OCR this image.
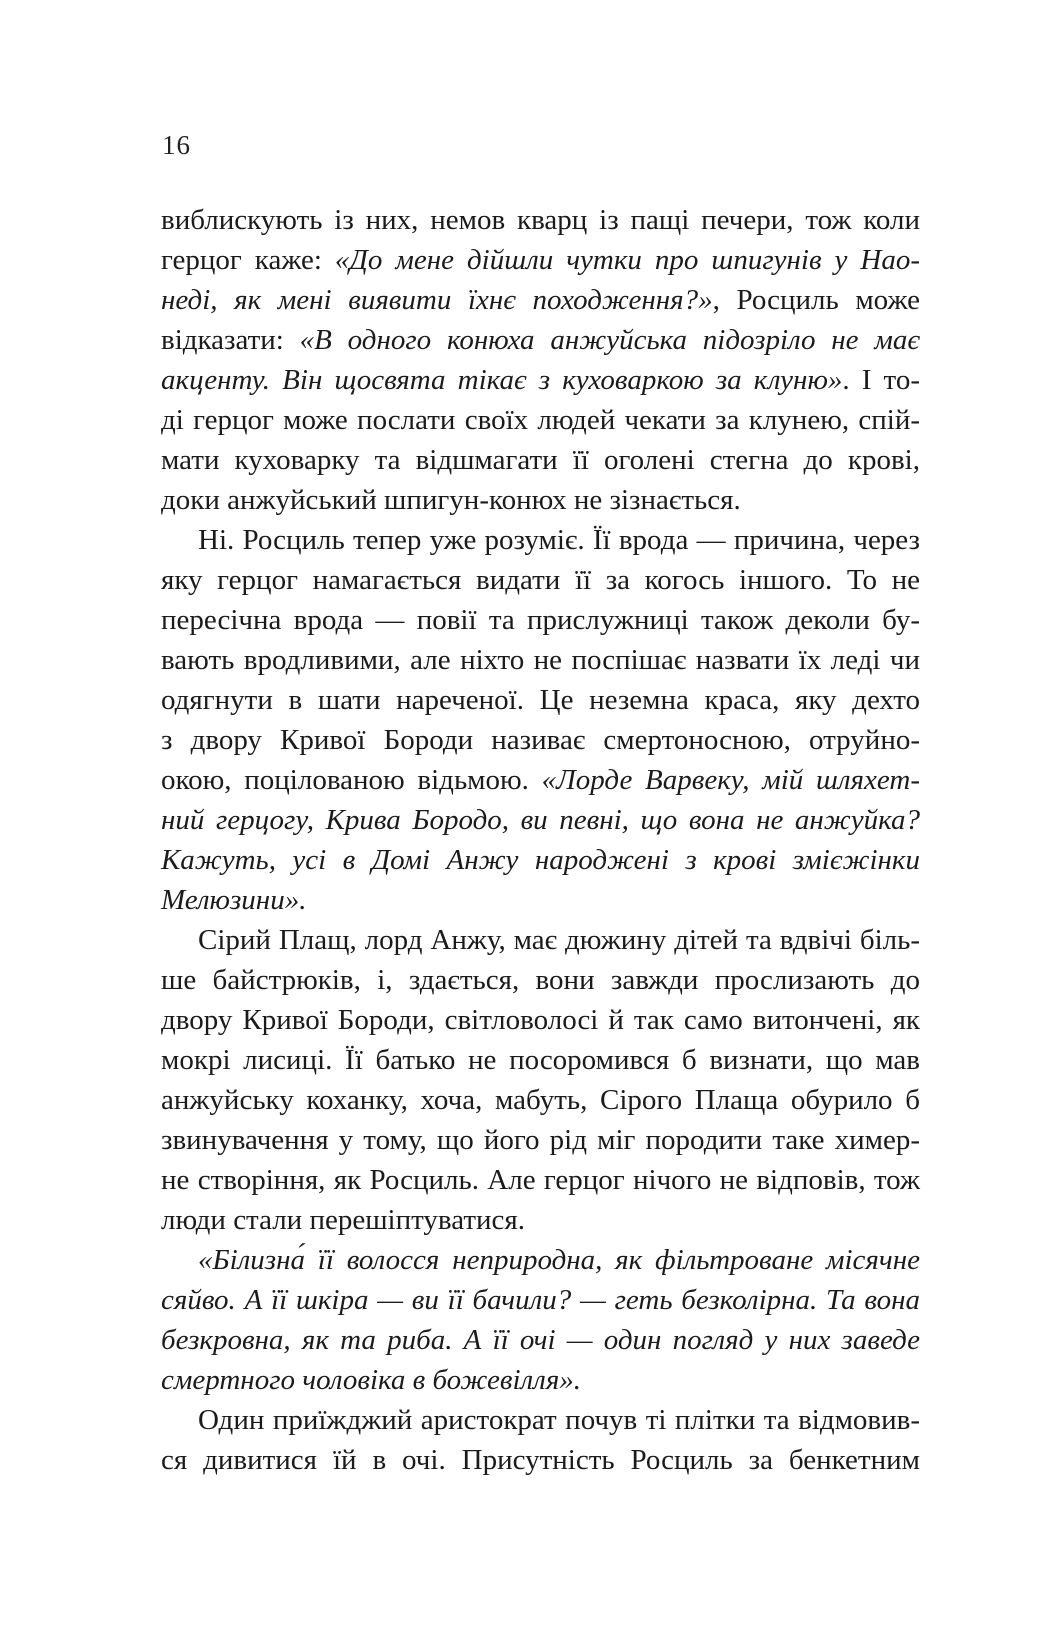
16
виблискують із них, немов кварц із пащі печери, тож коли
герцог каже: «До мене дійшли чутки про шпигунів у Нао-
неді, як мені виявити їхнє походження?», Росциль може
відказати: «В одного конюха анжуйська підозріло не має
акценту. Він щосвята тікає з куховаркою за клуню». І то-
ді герцог може послати своїх людей чекати за клунею, спій-
мати куховарку та відшмагати її оголені стегна до крові,
доки анжуйський шпигун-конюх не зізнається.
Ні. Росциль тепер уже розуміє. Її врода — причина, через
яку герцог намагається видати її за когось іншого. То не
пересічна врода — повії та прислужниці також деколи бу-
вають вродливими, але ніхто не поспішає назвати їх леді чи
одягнути в шати нареченої. Це неземна краса, яку дехто
з двору Кривої Бороди називає смертоносною, отруйно-
окою, поцілованою відьмою. «Лорде Варвеку, мій шляхет-
ний герцогу, Крива Бородо, ви певні, що вона не анжуйка?
Кажуть, усі в Домі Анжу народжені з крові змієжінки
Мелюзини».
Сірий Плащ, лорд Анжу, має дюжину дітей та вдвічі біль-
ше байстрюків, і, здається, вони завжди прослизають до
двору Кривої Бороди, світловолосі й так само витончені, як
мокрі лисиці. Її батько не посоромився б визнати, що мав
анжуйську коханку, хоча, мабуть, Сірого Плаща обурило б
звинувачення у тому, що його рід міг породити таке химер-
не створіння, як Росциль. Але герцог нічого не відповів, тож
люди стали перешіптуватися.
«Білизна́ її волосся неприродна, як фільтроване місячне
сяйво. А її шкіра — ви її бачили? — геть безколірна. Та вона
безкровна, як та риба. А її очі — один погляд у них заведе
смертного чоловіка в божевілля».
Один приїжджий аристократ почув ті плітки та відмовив-
ся дивитися їй в очі. Присутність Росциль за бенкетним
